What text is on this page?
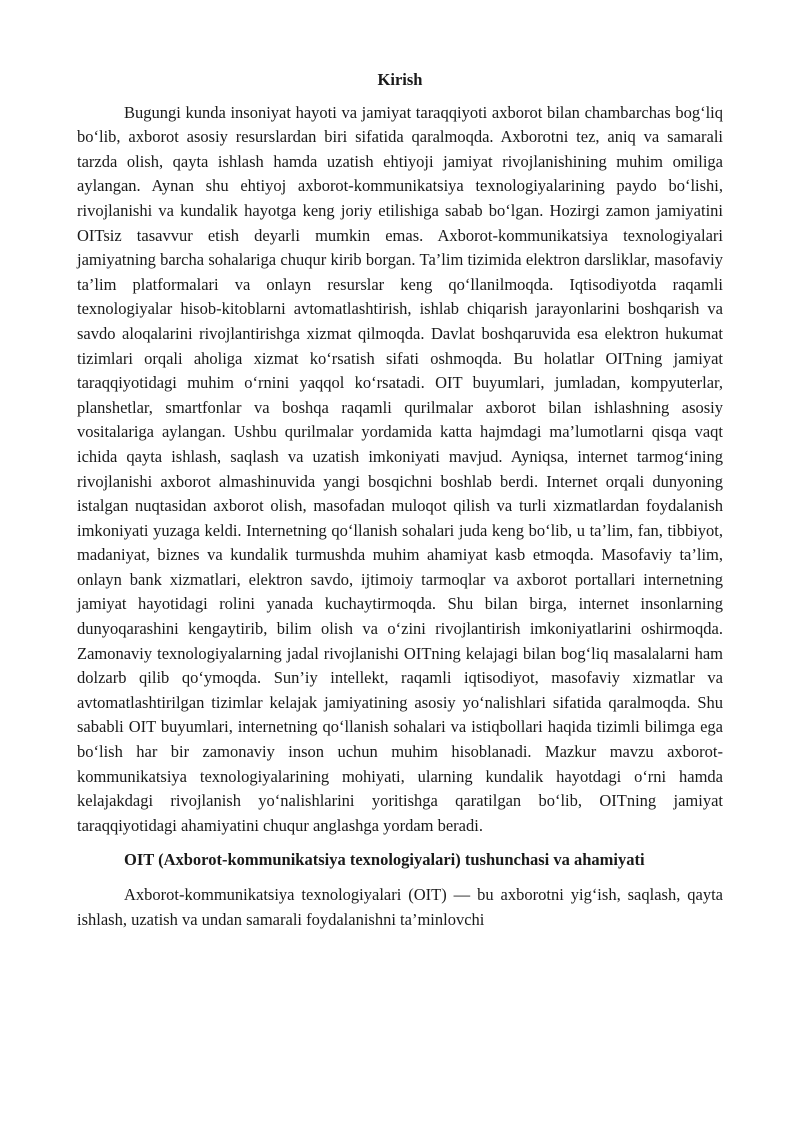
Kirish

Bugungi kunda insoniyat hayoti va jamiyat taraqqiyoti axborot bilan chambarchas bog‘liq bo‘lib, axborot asosiy resurslardan biri sifatida qaralmoqda. Axborotni tez, aniq va samarali tarzda olish, qayta ishlash hamda uzatish ehtiyoji jamiyat rivojlanishining muhim omiliga aylangan. Aynan shu ehtiyoj axborot-kommunikatsiya texnologiyalarining paydo bo‘lishi, rivojlanishi va kundalik hayotga keng joriy etilishiga sabab bo‘lgan. Hozirgi zamon jamiyatini OITsiz tasavvur etish deyarli mumkin emas. Axborot-kommunikatsiya texnologiyalari jamiyatning barcha sohalariga chuqur kirib borgan. Ta’lim tizimida elektron darsliklar, masofaviy ta’lim platformalari va onlayn resurslar keng qo‘llanilmoqda. Iqtisodiyotda raqamli texnologiyalar hisob-kitoblarni avtomatlashtirish, ishlab chiqarish jarayonlarini boshqarish va savdo aloqalarini rivojlantirishga xizmat qilmoqda. Davlat boshqaruvida esa elektron hukumat tizimlari orqali aholiga xizmat ko‘rsatish sifati oshmoqda. Bu holatlar OITning jamiyat taraqqiyotidagi muhim o‘rnini yaqqol ko‘rsatadi. OIT buyumlari, jumladan, kompyuterlar, planshetlar, smartfonlar va boshqa raqamli qurilmalar axborot bilan ishlashning asosiy vositalariga aylangan. Ushbu qurilmalar yordamida katta hajmdagi ma’lumotlarni qisqa vaqt ichida qayta ishlash, saqlash va uzatish imkoniyati mavjud. Ayniqsa, internet tarmog‘ining rivojlanishi axborot almashinuvida yangi bosqichni boshlab berdi. Internet orqali dunyoning istalgan nuqtasidan axborot olish, masofadan muloqot qilish va turli xizmatlardan foydalanish imkoniyati yuzaga keldi. Internetning qo‘llanish sohalari juda keng bo‘lib, u ta’lim, fan, tibbiyot, madaniyat, biznes va kundalik turmushda muhim ahamiyat kasb etmoqda. Masofaviy ta’lim, onlayn bank xizmatlari, elektron savdo, ijtimoiy tarmoqlar va axborot portallari internetning jamiyat hayotidagi rolini yanada kuchaytirmoqda. Shu bilan birga, internet insonlarning dunyoqarashini kengaytirib, bilim olish va o‘zini rivojlantirish imkoniyatlarini oshirmoqda. Zamonaviy texnologiyalarning jadal rivojlanishi OITning kelajagi bilan bog‘liq masalalarni ham dolzarb qilib qo‘ymoqda. Sun’iy intellekt, raqamli iqtisodiyot, masofaviy xizmatlar va avtomatlashtirilgan tizimlar kelajak jamiyatining asosiy yo‘nalishlari sifatida qaralmoqda. Shu sababli OIT buyumlari, internetning qo‘llanish sohalari va istiqbollari haqida tizimli bilimga ega bo‘lish har bir zamonaviy inson uchun muhim hisoblanadi. Mazkur mavzu axborot-kommunikatsiya texnologiyalarining mohiyati, ularning kundalik hayotdagi o‘rni hamda kelajakdagi rivojlanish yo‘nalishlarini yoritishga qaratilgan bo‘lib, OITning jamiyat taraqqiyotidagi ahamiyatini chuqur anglashga yordam beradi.

OIT (Axborot-kommunikatsiya texnologiyalari) tushunchasi va ahamiyati

Axborot-kommunikatsiya texnologiyalari (OIT) — bu axborotni yig‘ish, saqlash, qayta ishlash, uzatish va undan samarali foydalanishni ta’minlovchi
